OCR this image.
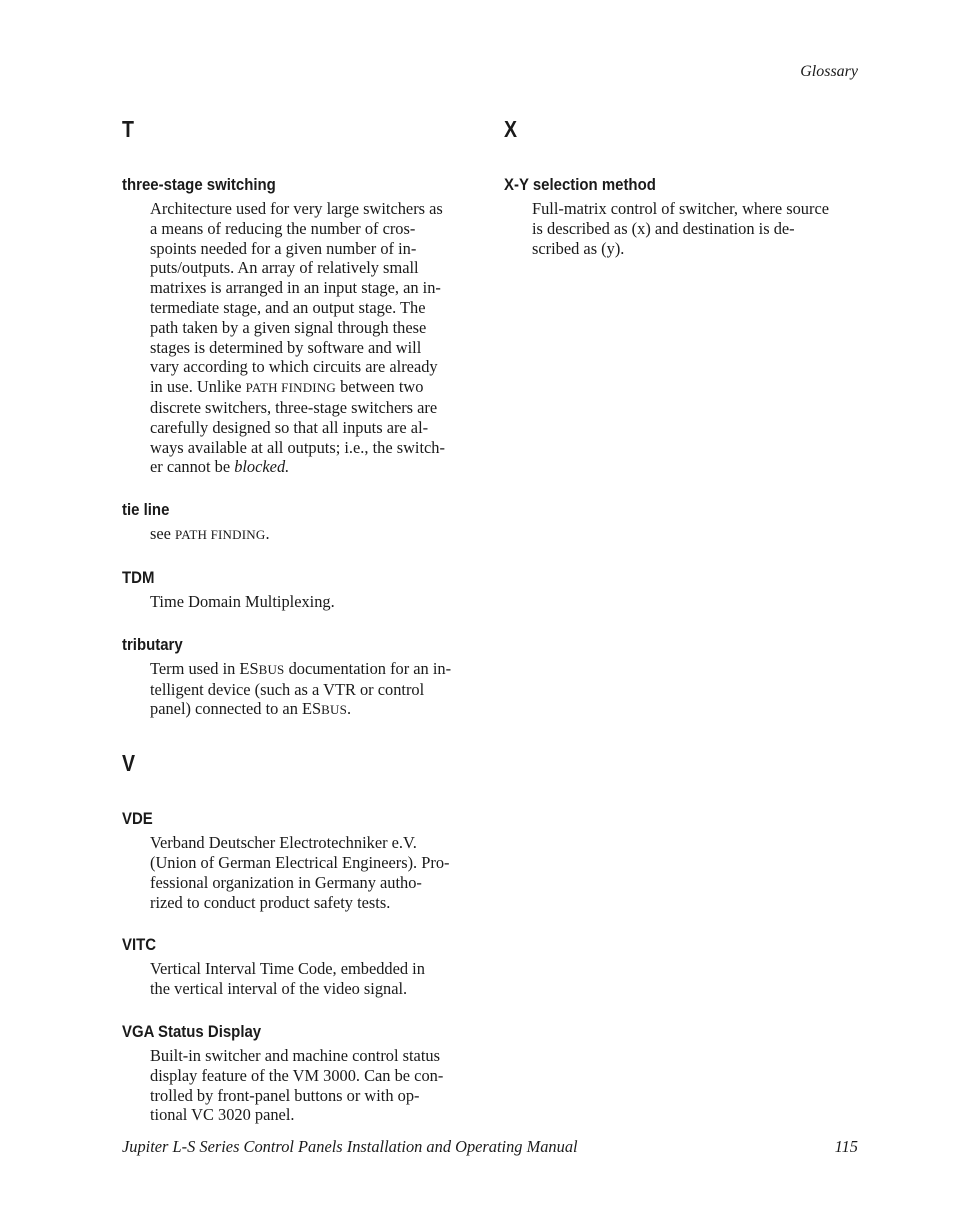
Glossary
T
three-stage switching
Architecture used for very large switchers as
a means of reducing the number of cros-
spoints needed for a given number of in-
puts/outputs. An array of relatively small
matrixes is arranged in an input stage, an in-
termediate stage, and an output stage. The
path taken by a given signal through these
stages is determined by software and will
vary according to which circuits are already
in use. Unlike PATH FINDING between two
discrete switchers, three-stage switchers are
carefully designed so that all inputs are al-
ways available at all outputs; i.e., the switch-
er cannot be blocked.
tie line
see PATH FINDING.
TDM
Time Domain Multiplexing.
tributary
Term used in ESBUS documentation for an in-
telligent device (such as a VTR or control
panel) connected to an ESBUS.
V
VDE
Verband Deutscher Electrotechniker e.V.
(Union of German Electrical Engineers). Pro-
fessional organization in Germany autho-
rized to conduct product safety tests.
VITC
Vertical Interval Time Code, embedded in
the vertical interval of the video signal.
VGA Status Display
Built-in switcher and machine control status
display feature of the VM 3000. Can be con-
trolled by front-panel buttons or with op-
tional VC 3020 panel.
X
X-Y selection method
Full-matrix control of switcher, where source
is described as (x) and destination is de-
scribed as (y).
Jupiter L-S Series Control Panels Installation and Operating Manual	115
